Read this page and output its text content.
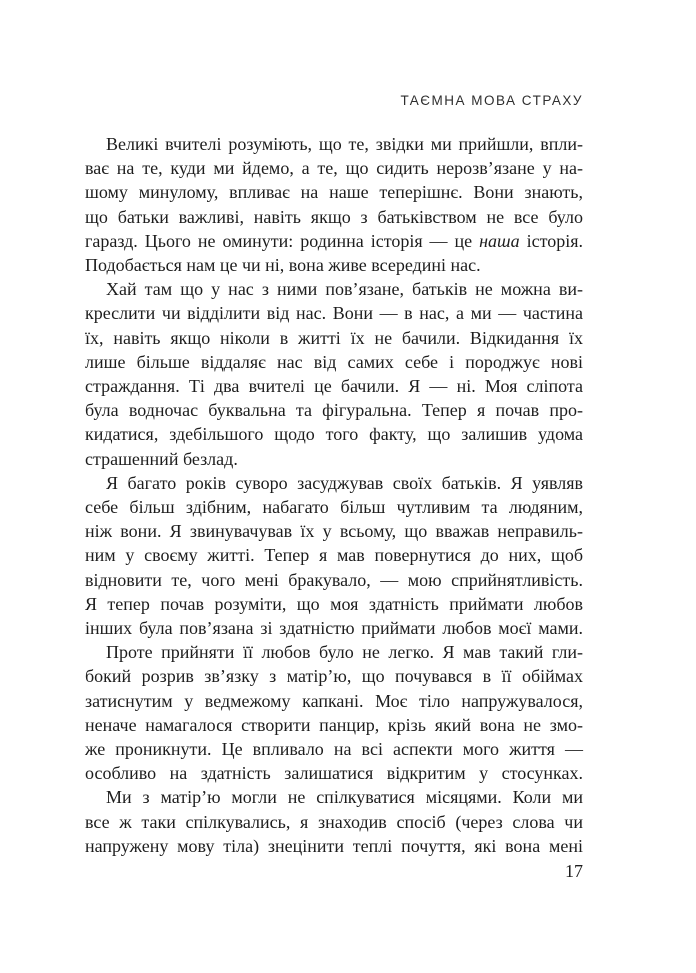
ТАЄМНА МОВА СТРАХУ
Великі вчителі розуміють, що те, звідки ми прийшли, впли-
ває на те, куди ми йдемо, а те, що сидить нерозв’язане у на-
шому минулому, впливає на наше теперішнє. Вони знають,
що батьки важливі, навіть якщо з батьківством не все було
гаразд. Цього не оминути: родинна історія — це наша історія.
Подобається нам це чи ні, вона живе всередині нас.
Хай там що у нас з ними пов’язане, батьків не можна ви-
креслити чи відділити від нас. Вони — в нас, а ми — частина
їх, навіть якщо ніколи в житті їх не бачили. Відкидання їх
лише більше віддаляє нас від самих себе і породжує нові
страждання. Ті два вчителі це бачили. Я — ні. Моя сліпота
була водночас буквальна та фігуральна. Тепер я почав про-
кидатися, здебільшого щодо того факту, що залишив удома
страшенний безлад.
Я багато років суворо засуджував своїх батьків. Я уявляв
себе більш здібним, набагато більш чутливим та людяним,
ніж вони. Я звинувачував їх у всьому, що вважав неправиль-
ним у своєму житті. Тепер я мав повернутися до них, щоб
відновити те, чого мені бракувало, — мою сприйнятливість.
Я тепер почав розуміти, що моя здатність приймати любов
інших була пов’язана зі здатністю приймати любов моєї мами.
Проте прийняти її любов було не легко. Я мав такий гли-
бокий розрив зв’язку з матір’ю, що почувався в її обіймах
затиснутим у ведмежому капкані. Моє тіло напружувалося,
неначе намагалося створити панцир, крізь який вона не змо-
же проникнути. Це впливало на всі аспекти мого життя —
особливо на здатність залишатися відкритим у стосунках.
Ми з матір’ю могли не спілкуватися місяцями. Коли ми
все ж таки спілкувались, я знаходив спосіб (через слова чи
напружену мову тіла) знецінити теплі почуття, які вона мені
17
